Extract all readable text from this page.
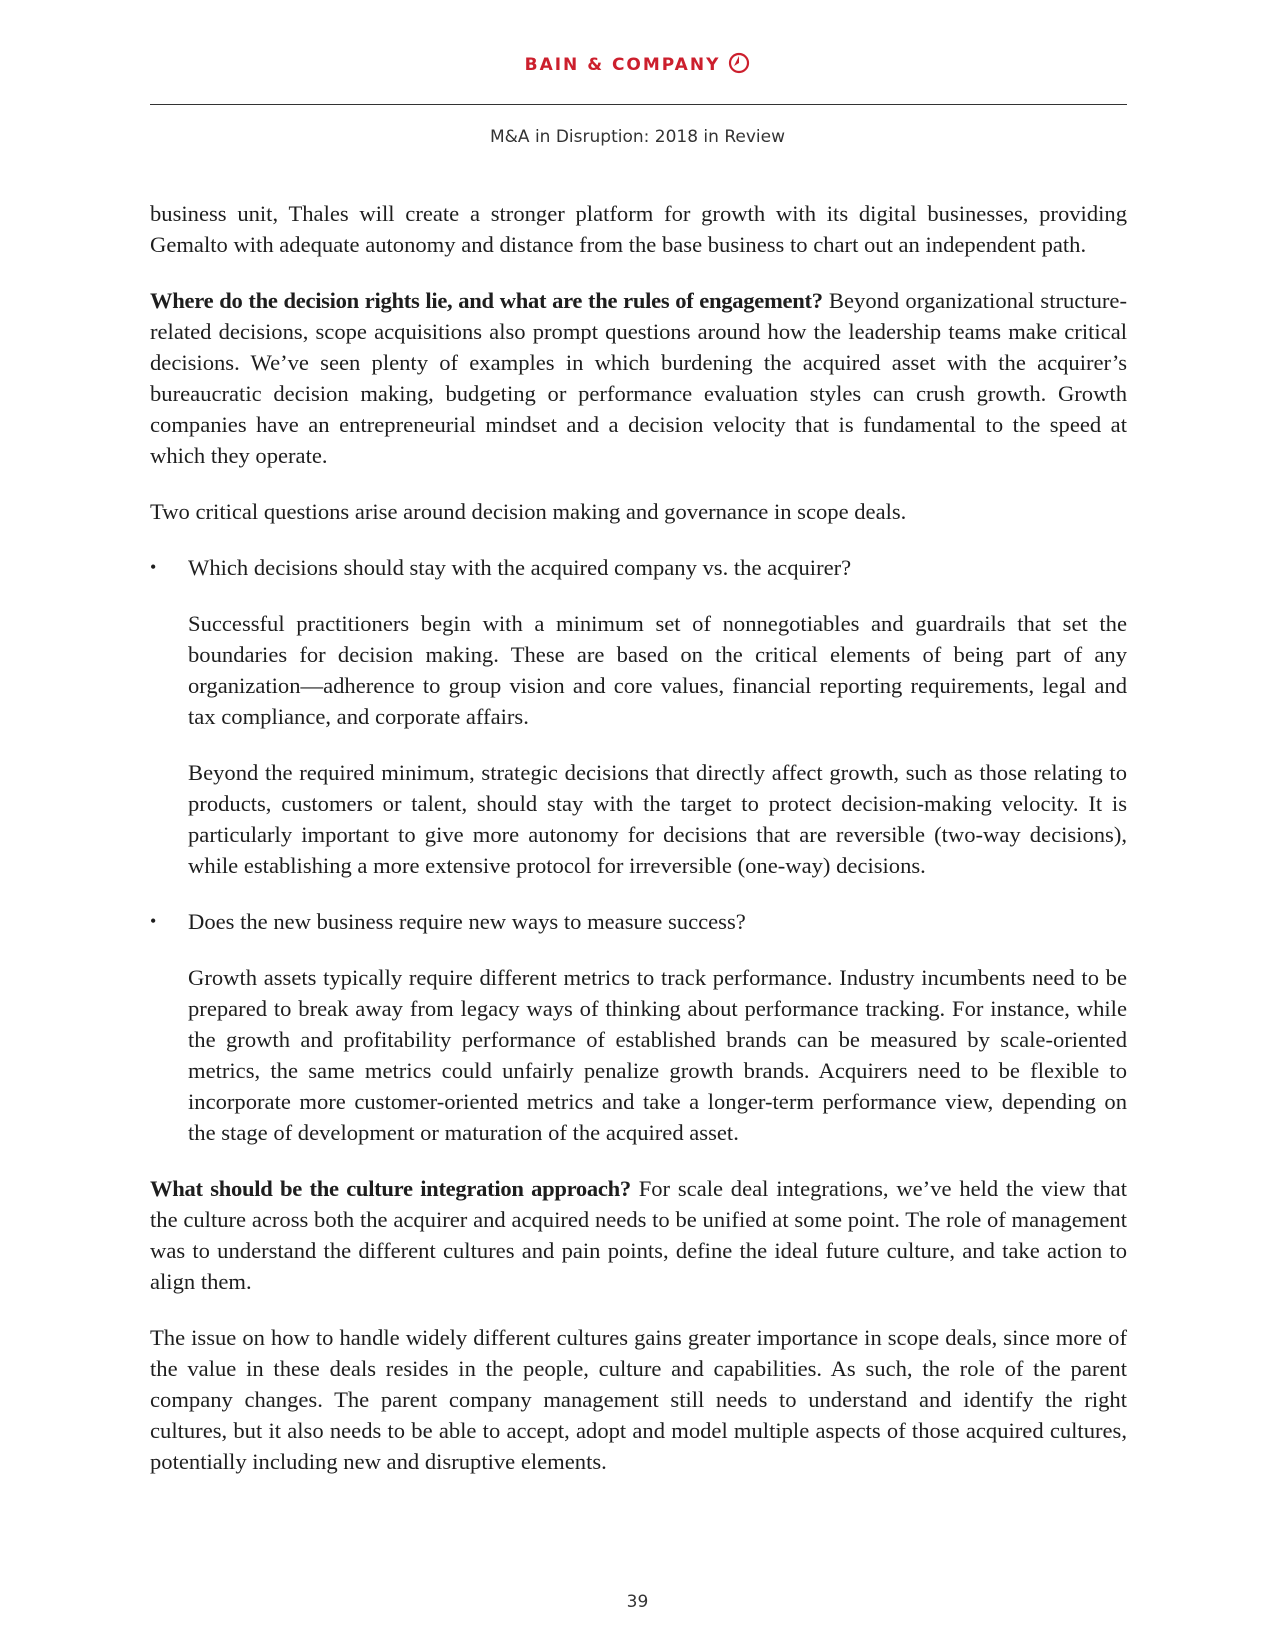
BAIN & COMPANY
M&A in Disruption: 2018 in Review

business unit, Thales will create a stronger platform for growth with its digital businesses, providing Gemalto with adequate autonomy and distance from the base business to chart out an independent path.

Where do the decision rights lie, and what are the rules of engagement? Beyond organizational structure-related decisions, scope acquisitions also prompt questions around how the leadership teams make critical decisions. We’ve seen plenty of examples in which burdening the acquired asset with the acquirer’s bureaucratic decision making, budgeting or performance evaluation styles can crush growth. Growth companies have an entrepreneurial mindset and a decision velocity that is fundamental to the speed at which they operate.

Two critical questions arise around decision making and governance in scope deals.

• Which decisions should stay with the acquired company vs. the acquirer?

Successful practitioners begin with a minimum set of nonnegotiables and guardrails that set the boundaries for decision making. These are based on the critical elements of being part of any organization—adherence to group vision and core values, financial reporting requirements, legal and tax compliance, and corporate affairs.

Beyond the required minimum, strategic decisions that directly affect growth, such as those relating to products, customers or talent, should stay with the target to protect decision-making velocity. It is particularly important to give more autonomy for decisions that are reversible (two-way decisions), while establishing a more extensive protocol for irreversible (one-way) decisions.

• Does the new business require new ways to measure success?

Growth assets typically require different metrics to track performance. Industry incumbents need to be prepared to break away from legacy ways of thinking about performance tracking. For instance, while the growth and profitability performance of established brands can be measured by scale-oriented metrics, the same metrics could unfairly penalize growth brands. Acquirers need to be flexible to incorporate more customer-oriented metrics and take a longer-term performance view, depending on the stage of development or maturation of the acquired asset.

What should be the culture integration approach? For scale deal integrations, we’ve held the view that the culture across both the acquirer and acquired needs to be unified at some point. The role of management was to understand the different cultures and pain points, define the ideal future culture, and take action to align them.

The issue on how to handle widely different cultures gains greater importance in scope deals, since more of the value in these deals resides in the people, culture and capabilities. As such, the role of the parent company changes. The parent company management still needs to understand and identify the right cultures, but it also needs to be able to accept, adopt and model multiple aspects of those acquired cultures, potentially including new and disruptive elements.

39
